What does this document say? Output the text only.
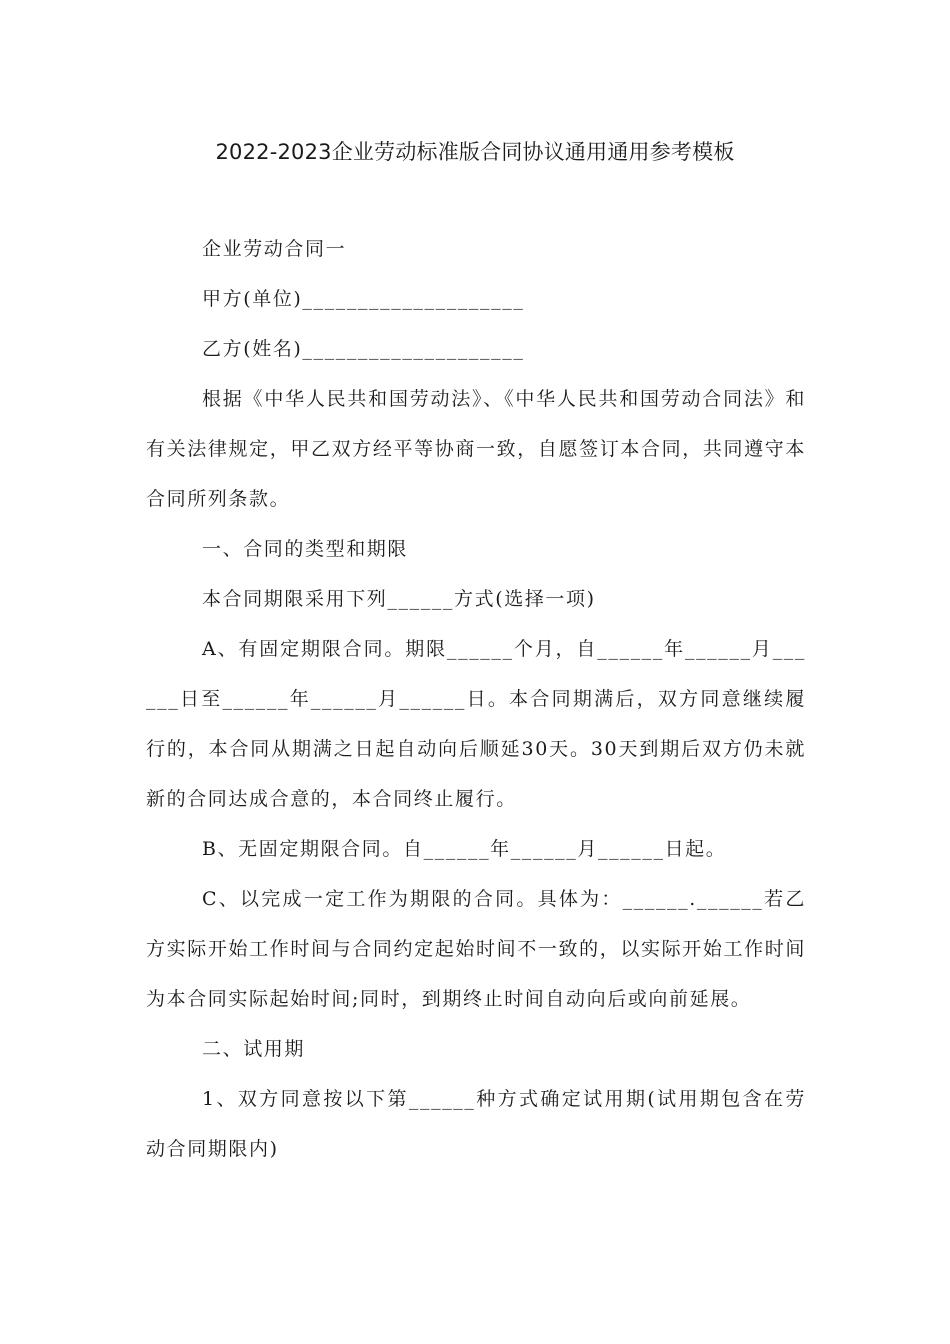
2022-2023企业劳动标准版合同协议通用通用参考模板

企业劳动合同一

甲方(单位)____________________

乙方(姓名)____________________

根据《中华人民共和国劳动法》、《中华人民共和国劳动合同法》和有关法律规定，甲乙双方经平等协商一致，自愿签订本合同，共同遵守本合同所列条款。

一、合同的类型和期限

本合同期限采用下列______方式(选择一项)

A、有固定期限合同。期限______个月，自______年______月______日至______年______月______日。本合同期满后，双方同意继续履行的，本合同从期满之日起自动向后顺延30天。30天到期后双方仍未就新的合同达成合意的，本合同终止履行。

B、无固定期限合同。自______年______月______日起。

C、以完成一定工作为期限的合同。具体为：______.______若乙方实际开始工作时间与合同约定起始时间不一致的，以实际开始工作时间为本合同实际起始时间;同时，到期终止时间自动向后或向前延展。

二、试用期

1、双方同意按以下第______种方式确定试用期(试用期包含在劳动合同期限内)
